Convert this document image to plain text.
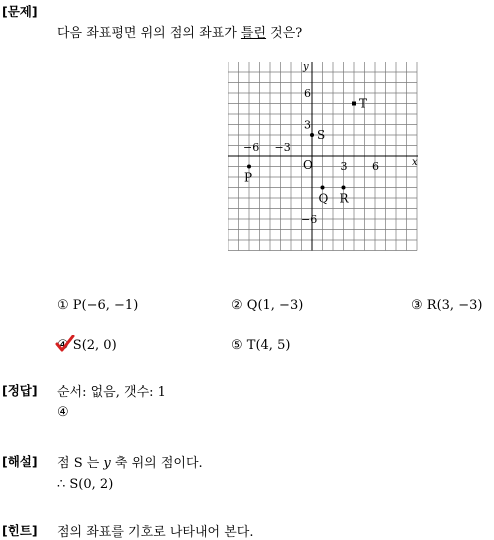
[문제]
다음 좌표평면 위의 점의 좌표가 틀린 것은?
x
y
O
−6 −3
3 6
6
3
−6
P
Q R
S
T
① P(−6, −1)	② Q(1, −3)	③ R(3, −3)
④ S(2, 0)	⑤ T(4, 5)
[정답] 순서: 없음, 갯수: 1
④
[해설] 점 S 는 y 축 위의 점이다.
∴ S(0, 2)
[힌트] 점의 좌표를 기호로 나타내어 본다.
